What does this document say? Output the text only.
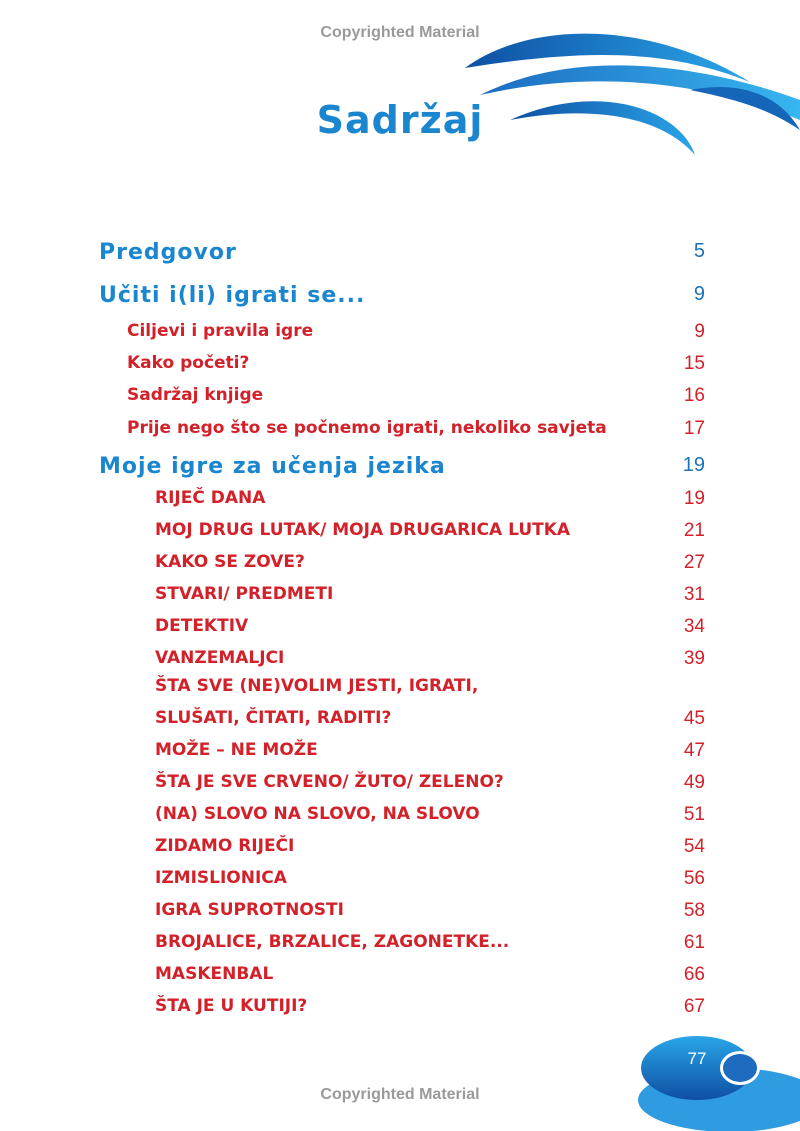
Copyrighted Material
Sadržaj
Predgovor	5
Učiti i(li) igrati se...	9
Ciljevi i pravila igre	9
Kako početi?	15
Sadržaj knjige	16
Prije nego što se počnemo igrati, nekoliko savjeta	17
Moje igre za učenja jezika	19
RIJEČ DANA	19
MOJ DRUG LUTAK/ MOJA DRUGARICA LUTKA	21
KAKO SE ZOVE?	27
STVARI/ PREDMETI	31
DETEKTIV	34
VANZEMALJCI	39
ŠTA SVE (NE)VOLIM JESTI, IGRATI,
SLUŠATI, ČITATI, RADITI?	45
MOŽE – NE MOŽE	47
ŠTA JE SVE CRVENO/ ŽUTO/ ZELENO?	49
(NA) SLOVO NA SLOVO, NA SLOVO	51
ZIDAMO RIJEČI	54
IZMISLIONICA	56
IGRA SUPROTNOSTI	58
BROJALICE, BRZALICE, ZAGONETKE...	61
MASKENBAL	66
ŠTA JE U KUTIJI?	67
77
Copyrighted Material
